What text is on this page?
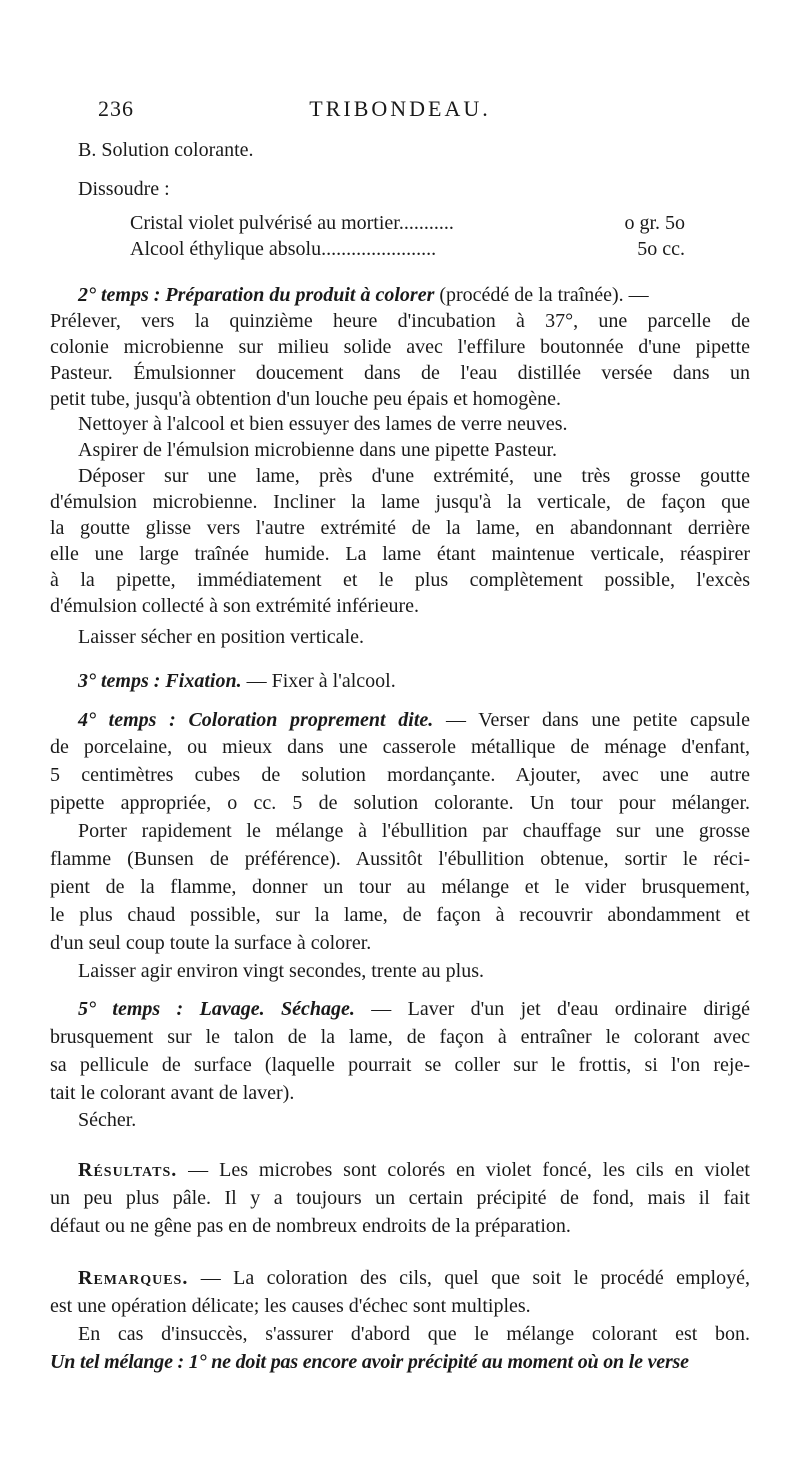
236	TRIBONDEAU.
B. Solution colorante.
Dissoudre :
Cristal violet pulvérisé au mortier...........	o gr. 5o
Alcool éthylique absolu.......................	5o cc.
2° temps : Préparation du produit à colorer (procédé de la traînée). —
Prélever, vers la quinzième heure d'incubation à 37°, une parcelle de
colonie microbienne sur milieu solide avec l'effilure boutonnée d'une pipette
Pasteur. Émulsionner doucement dans de l'eau distillée versée dans un
petit tube, jusqu'à obtention d'un louche peu épais et homogène.
Nettoyer à l'alcool et bien essuyer des lames de verre neuves.
Aspirer de l'émulsion microbienne dans une pipette Pasteur.
Déposer sur une lame, près d'une extrémité, une très grosse goutte
d'émulsion microbienne. Incliner la lame jusqu'à la verticale, de façon que
la goutte glisse vers l'autre extrémité de la lame, en abandonnant derrière
elle une large traînée humide. La lame étant maintenue verticale, réaspirer
à la pipette, immédiatement et le plus complètement possible, l'excès
d'émulsion collecté à son extrémité inférieure.
Laisser sécher en position verticale.
3° temps : Fixation. — Fixer à l'alcool.
4° temps : Coloration proprement dite. — Verser dans une petite capsule
de porcelaine, ou mieux dans une casserole métallique de ménage d'enfant,
5 centimètres cubes de solution mordançante. Ajouter, avec une autre
pipette appropriée, o cc. 5 de solution colorante. Un tour pour mélanger.
Porter rapidement le mélange à l'ébullition par chauffage sur une grosse
flamme (Bunsen de préférence). Aussitôt l'ébullition obtenue, sortir le réci-
pient de la flamme, donner un tour au mélange et le vider brusquement,
le plus chaud possible, sur la lame, de façon à recouvrir abondamment et
d'un seul coup toute la surface à colorer.
Laisser agir environ vingt secondes, trente au plus.
5° temps : Lavage. Séchage. — Laver d'un jet d'eau ordinaire dirigé
brusquement sur le talon de la lame, de façon à entraîner le colorant avec
sa pellicule de surface (laquelle pourrait se coller sur le frottis, si l'on reje-
tait le colorant avant de laver).
Sécher.
Résultats. — Les microbes sont colorés en violet foncé, les cils en violet
un peu plus pâle. Il y a toujours un certain précipité de fond, mais il fait
défaut ou ne gêne pas en de nombreux endroits de la préparation.
Remarques. — La coloration des cils, quel que soit le procédé employé,
est une opération délicate; les causes d'échec sont multiples.
En cas d'insuccès, s'assurer d'abord que le mélange colorant est bon.
Un tel mélange : 1° ne doit pas encore avoir précipité au moment où on le verse
